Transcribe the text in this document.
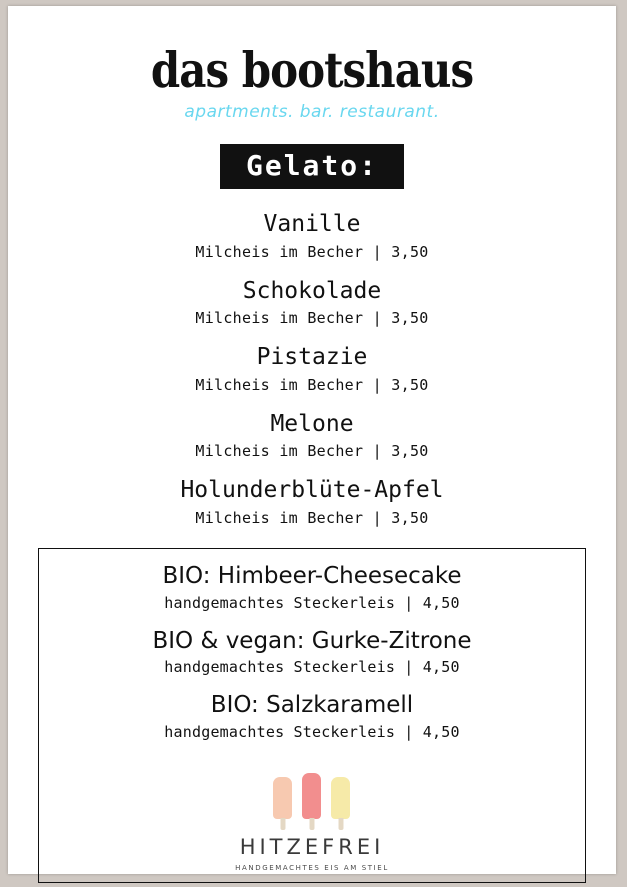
das bootshaus
apartments. bar. restaurant.
Gelato:
Vanille
Milcheis im Becher | 3,50
Schokolade
Milcheis im Becher | 3,50
Pistazie
Milcheis im Becher | 3,50
Melone
Milcheis im Becher | 3,50
Holunderblüte-Apfel
Milcheis im Becher | 3,50
BIO: Himbeer-Cheesecake
handgemachtes Steckerleis | 4,50
BIO & vegan: Gurke-Zitrone
handgemachtes Steckerleis | 4,50
BIO: Salzkaramell
handgemachtes Steckerleis | 4,50
HITZEFREI
HANDGEMACHTES EIS AM STIEL
